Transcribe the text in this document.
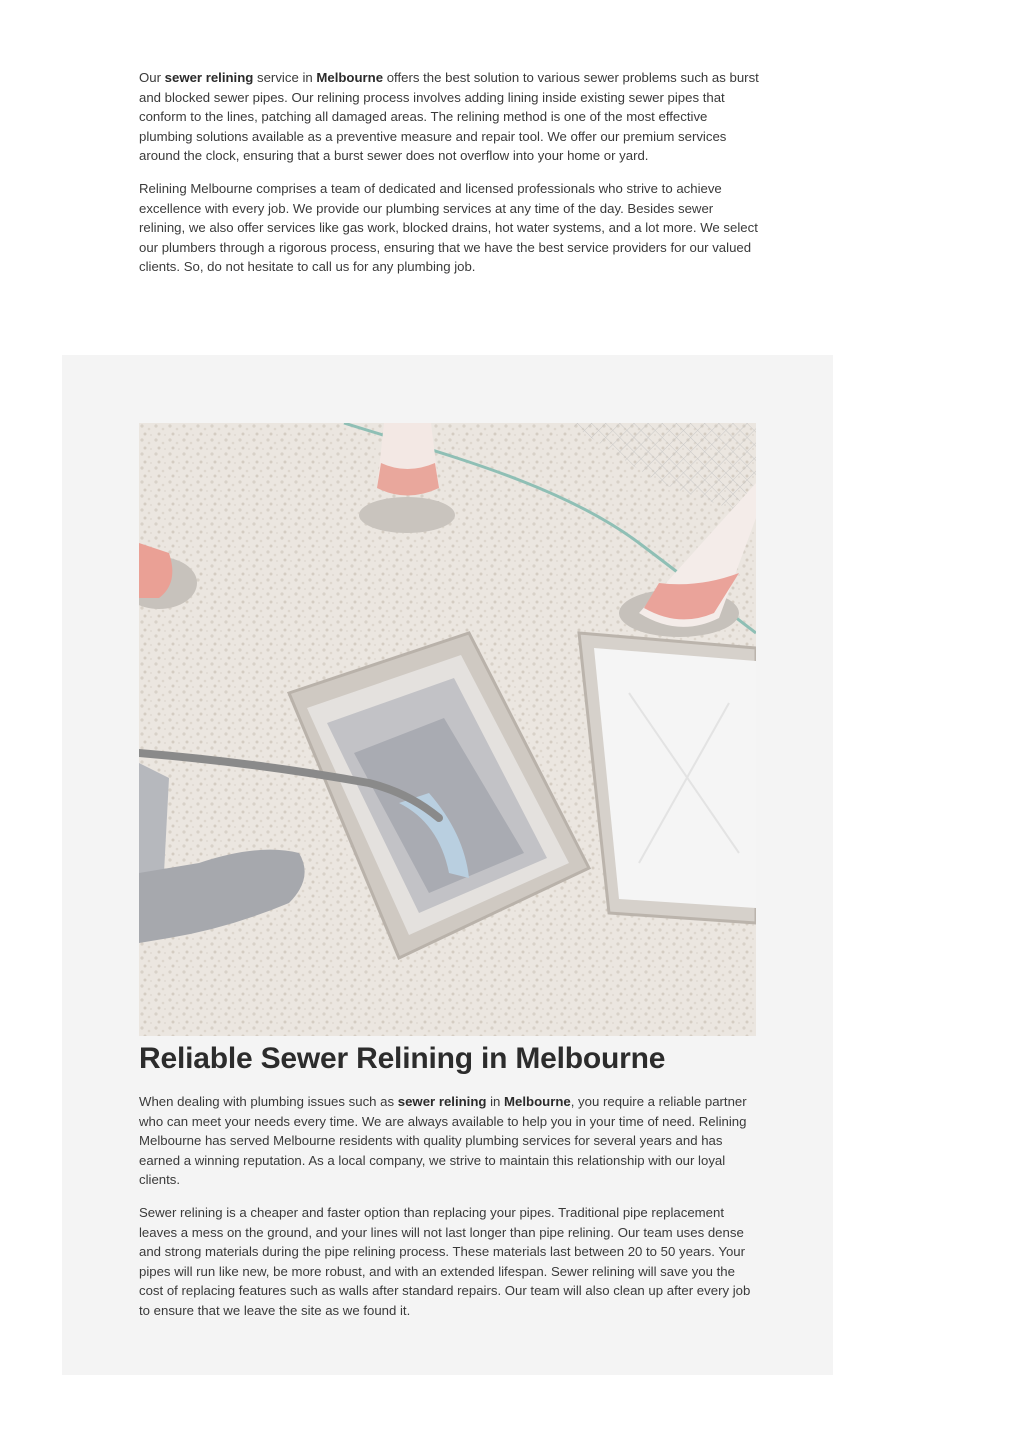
Our sewer relining service in Melbourne offers the best solution to various sewer problems such as burst and blocked sewer pipes. Our relining process involves adding lining inside existing sewer pipes that conform to the lines, patching all damaged areas. The relining method is one of the most effective plumbing solutions available as a preventive measure and repair tool. We offer our premium services around the clock, ensuring that a burst sewer does not overflow into your home or yard.

Relining Melbourne comprises a team of dedicated and licensed professionals who strive to achieve excellence with every job. We provide our plumbing services at any time of the day. Besides sewer relining, we also offer services like gas work, blocked drains, hot water systems, and a lot more. We select our plumbers through a rigorous process, ensuring that we have the best service providers for our valued clients. So, do not hesitate to call us for any plumbing job.

Reliable Sewer Relining in Melbourne

When dealing with plumbing issues such as sewer relining in Melbourne, you require a reliable partner who can meet your needs every time. We are always available to help you in your time of need. Relining Melbourne has served Melbourne residents with quality plumbing services for several years and has earned a winning reputation. As a local company, we strive to maintain this relationship with our loyal clients.

Sewer relining is a cheaper and faster option than replacing your pipes. Traditional pipe replacement leaves a mess on the ground, and your lines will not last longer than pipe relining. Our team uses dense and strong materials during the pipe relining process. These materials last between 20 to 50 years. Your pipes will run like new, be more robust, and with an extended lifespan. Sewer relining will save you the cost of replacing features such as walls after standard repairs. Our team will also clean up after every job to ensure that we leave the site as we found it.
